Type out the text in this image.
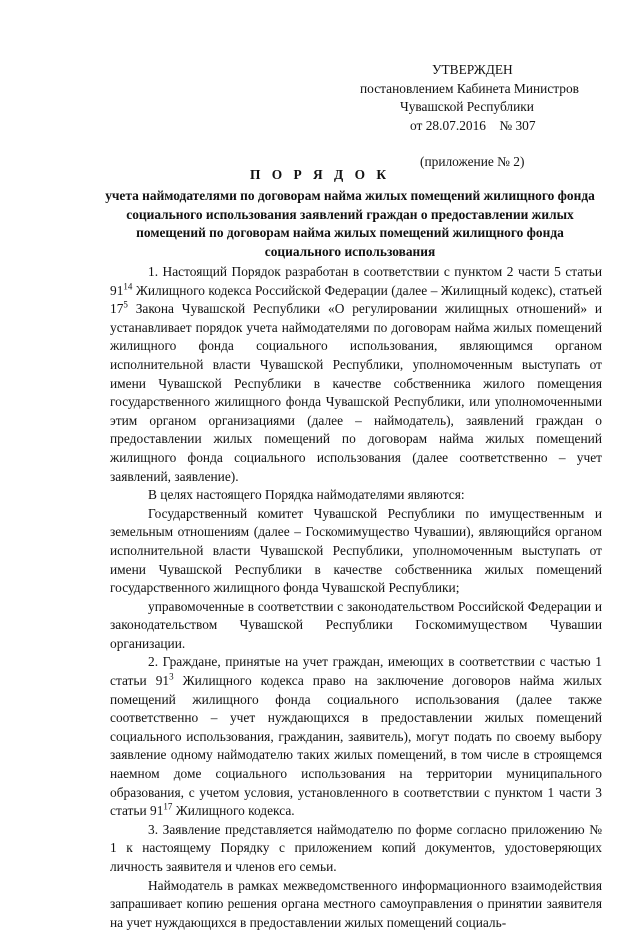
УТВЕРЖДЕН
постановлением Кабинета Министров
Чувашской Республики
от 28.07.2016    № 307
(приложение № 2)
П О Р Я Д О К
учета наймодателями по договорам найма жилых помещений жилищного фонда социального использования заявлений граждан о предоставлении жилых помещений по договорам найма жилых помещений жилищного фонда социального использования

1. Настоящий Порядок разработан в соответствии с пунктом 2 части 5 статьи $91^{14}$ Жилищного кодекса Российской Федерации (далее – Жилищный кодекс), статьей $17^5$ Закона Чувашской Республики «О регулировании жилищных отношений» и устанавливает порядок учета наймодателями по договорам найма жилых помещений жилищного фонда социального использования, являющимся органом исполнительной власти Чувашской Республики, уполномоченным выступать от имени Чувашской Республики в качестве собственника жилого помещения государственного жилищного фонда Чувашской Республики, или уполномоченными этим органом организациями (далее – наймодатель), заявлений граждан о предоставлении жилых помещений по договорам найма жилых помещений жилищного фонда социального использования (далее соответственно – учет заявлений, заявление).

В целях настоящего Порядка наймодателями являются:

Государственный комитет Чувашской Республики по имущественным и земельным отношениям (далее – Госкомимущество Чувашии), являющийся органом исполнительной власти Чувашской Республики, уполномоченным выступать от имени Чувашской Республики в качестве собственника жилых помещений государственного жилищного фонда Чувашской Республики;

управомоченные в соответствии с законодательством Российской Федерации и законодательством Чувашской Республики Госкомимуществом Чувашии организации.

2. Граждане, принятые на учет граждан, имеющих в соответствии с частью 1 статьи $91^3$ Жилищного кодекса право на заключение договоров найма жилых помещений жилищного фонда социального использования (далее также соответственно – учет нуждающихся в предоставлении жилых помещений социального использования, гражданин, заявитель), могут подать по своему выбору заявление одному наймодателю таких жилых помещений, в том числе в строящемся наемном доме социального использования на территории муниципального образования, с учетом условия, установленного в соответствии с пунктом 1 части 3 статьи $91^{17}$ Жилищного кодекса.

3. Заявление представляется наймодателю по форме согласно приложению № 1 к настоящему Порядку с приложением копий документов, удостоверяющих личность заявителя и членов его семьи.

Наймодатель в рамках межведомственного информационного взаимодействия запрашивает копию решения органа местного самоуправления о принятии заявителя на учет нуждающихся в предоставлении жилых помещений социаль-
